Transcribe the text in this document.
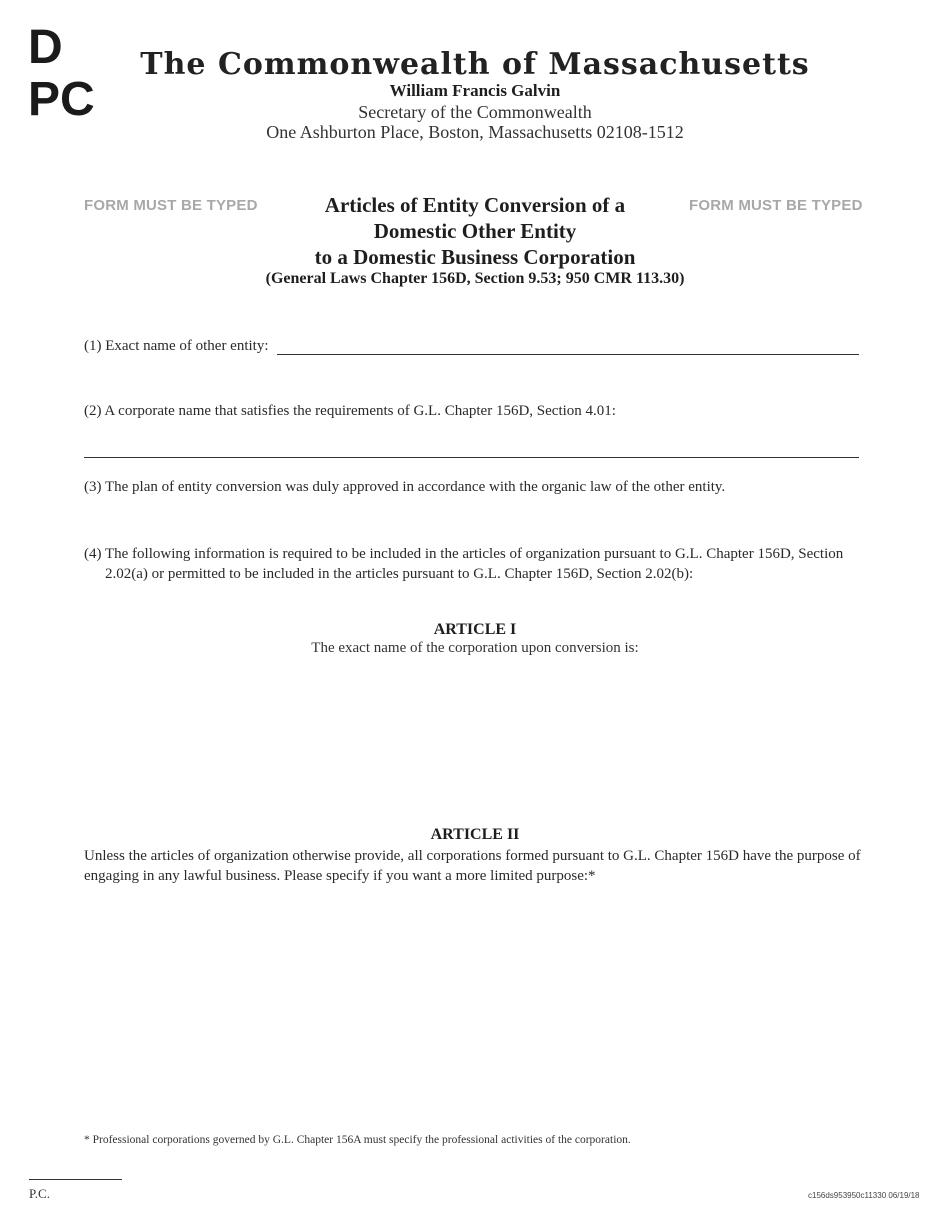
D
PC
The Commonwealth of Massachusetts
William Francis Galvin
Secretary of the Commonwealth
One Ashburton Place, Boston, Massachusetts 02108-1512
FORM MUST BE TYPED	FORM MUST BE TYPED
Articles of Entity Conversion of a
Domestic Other Entity
to a Domestic Business Corporation
(General Laws Chapter 156D, Section 9.53; 950 CMR 113.30)
(1) Exact name of other entity:
(2) A corporate name that satisfies the requirements of G.L. Chapter 156D, Section 4.01:
(3) The plan of entity conversion was duly approved in accordance with the organic law of the other entity.
(4) The following information is required to be included in the articles of organization pursuant to G.L. Chapter 156D, Section
2.02(a) or permitted to be included in the articles pursuant to G.L. Chapter 156D, Section 2.02(b):
ARTICLE I
The exact name of the corporation upon conversion is:
ARTICLE II
Unless the articles of organization otherwise provide, all corporations formed pursuant to G.L. Chapter 156D have the purpose of
engaging in any lawful business. Please specify if you want a more limited purpose:*
* Professional corporations governed by G.L. Chapter 156A must specify the professional activities of the corporation.
P.C.	c156ds953950c11330 06/19/18
